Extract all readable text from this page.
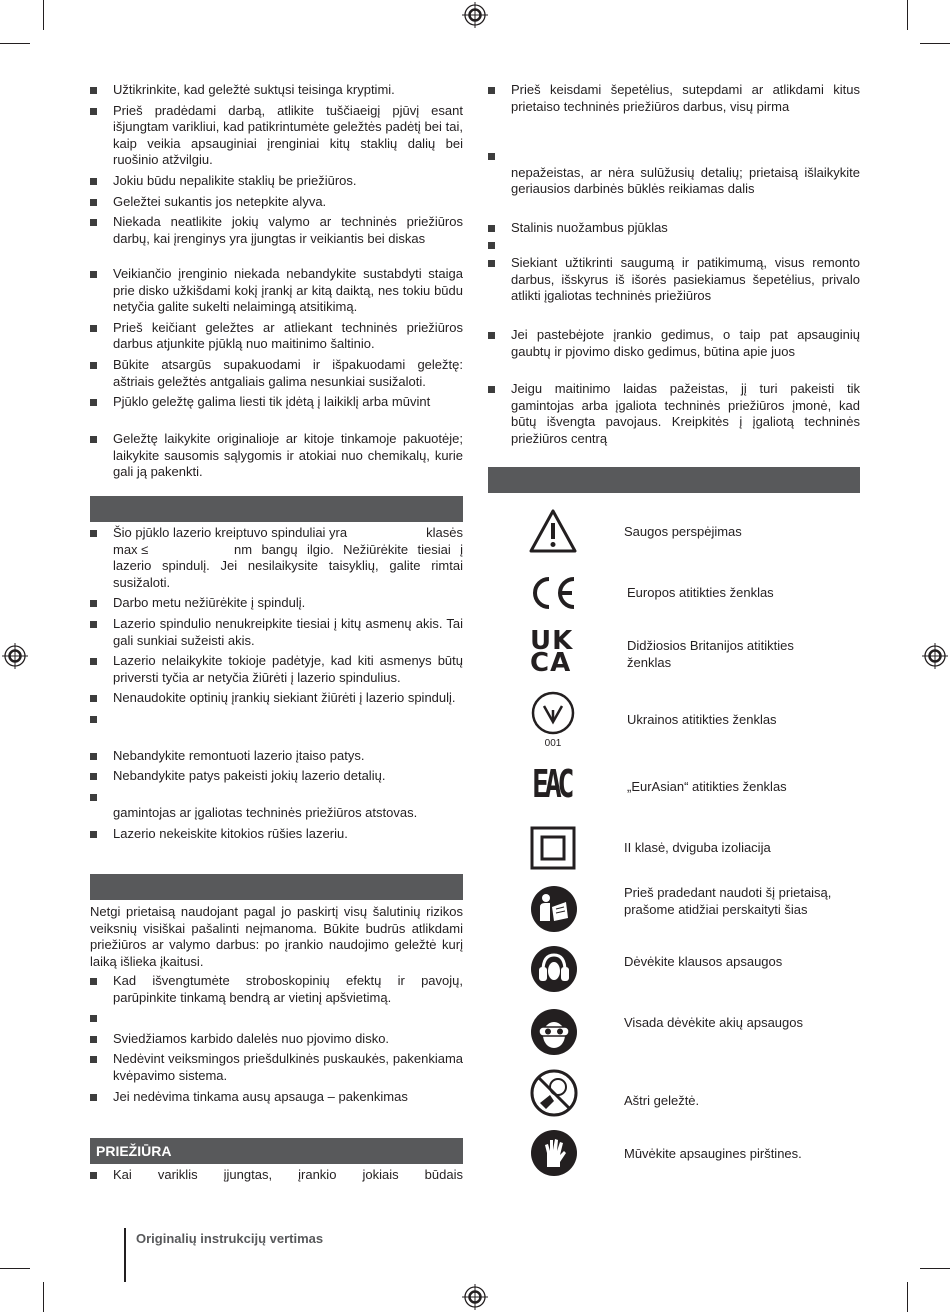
Užtikrinkite, kad geležtė suktųsi teisinga kryptimi.

Prieš pradėdami darbą, atlikite tuščiaeigį pjūvį esant išjungtam varikliui, kad patikrintumėte geležtės padėtį bei tai, kaip veikia apsauginiai įrenginiai kitų staklių dalių bei ruošinio atžvilgiu.

Jokiu būdu nepalikite staklių be priežiūros.

Geležtei sukantis jos netepkite alyva.

Niekada neatlikite jokių valymo ar techninės priežiūros darbų, kai įrenginys yra įjungtas ir veikiantis bei diskas

Veikiančio įrenginio niekada nebandykite sustabdyti staiga prie disko užkišdami kokį įrankį ar kitą daiktą, nes tokiu būdu netyčia galite sukelti nelaimingą atsitikimą.

Prieš keičiant geležtes ar atliekant techninės priežiūros darbus atjunkite pjūklą nuo maitinimo šaltinio.

Būkite atsargūs supakuodami ir išpakuodami geležtę: aštriais geležtės antgaliais galima nesunkiai susižaloti.

Pjūklo geležtę galima liesti tik įdėtą į laikiklį arba mūvint

Geležtę laikykite originalioje ar kitoje tinkamoje pakuotėje; laikykite sausomis sąlygomis ir atokiai nuo chemikalų, kurie gali ją pakenkti.

Šio pjūklo lazerio kreiptuvo spinduliai yra	klasės
max ≤	nm bangų ilgio. Nežiūrėkite tiesiai į
lazerio spindulį. Jei nesilaikysite taisyklių, galite rimtai susižaloti.

Darbo metu nežiūrėkite į spindulį.

Lazerio spindulio nenukreipkite tiesiai į kitų asmenų akis. Tai gali sunkiai sužeisti akis.

Lazerio nelaikykite tokioje padėtyje, kad kiti asmenys būtų priversti tyčia ar netyčia žiūrėti į lazerio spindulius.

Nenaudokite optinių įrankių siekiant žiūrėti į lazerio spindulį.

Nebandykite remontuoti lazerio įtaiso patys.

Nebandykite patys pakeisti jokių lazerio detalių.

gamintojas ar įgaliotas techninės priežiūros atstovas.

Lazerio nekeiskite kitokios rūšies lazeriu.

Netgi prietaisą naudojant pagal jo paskirtį visų šalutinių rizikos veiksnių visiškai pašalinti neįmanoma. Būkite budrūs atlikdami priežiūros ar valymo darbus: po įrankio naudojimo geležtė kurį laiką išlieka įkaitusi.

Kad išvengtumėte stroboskopinių efektų ir pavojų, parūpinkite tinkamą bendrą ar vietinį apšvietimą.

Sviedžiamos karbido dalelės nuo pjovimo disko.

Nedėvint veiksmingos priešdulkinės puskaukės, pakenkiama kvėpavimo sistema.

Jei nedėvima tinkama ausų apsauga – pakenkimas

PRIEŽIŪRA

Kai variklis įjungtas, įrankio jokiais būdais

Prieš keisdami šepetėlius, sutepdami ar atlikdami kitus prietaiso techninės priežiūros darbus, visų pirma

nepažeistas, ar nėra sulūžusių detalių; prietaisą išlaikykite geriausios darbinės būklės reikiamas dalis

Stalinis nuožambus pjūklas

Siekiant užtikrinti saugumą ir patikimumą, visus remonto darbus, išskyrus iš išorės pasiekiamus šepetėlius, privalo atlikti įgaliotas techninės priežiūros

Jei pastebėjote įrankio gedimus, o taip pat apsauginių gaubtų ir pjovimo disko gedimus, būtina apie juos

Jeigu maitinimo laidas pažeistas, jį turi pakeisti tik gamintojas arba įgaliota techninės priežiūros įmonė, kad būtų išvengta pavojaus. Kreipkitės į įgaliotą techninės priežiūros centrą

Saugos perspėjimas
Europos atitikties ženklas
UK
CA
Didžiosios Britanijos atitikties ženklas
001
Ukrainos atitikties ženklas
EAC	„EurAsian“ atitikties ženklas
II klasė, dviguba izoliacija
Prieš pradedant naudoti šį prietaisą, prašome atidžiai perskaityti šias
Dėvėkite klausos apsaugos
Visada dėvėkite akių apsaugos
Aštri geležtė.
Mūvėkite apsaugines pirštines.
Originalių instrukcijų vertimas
